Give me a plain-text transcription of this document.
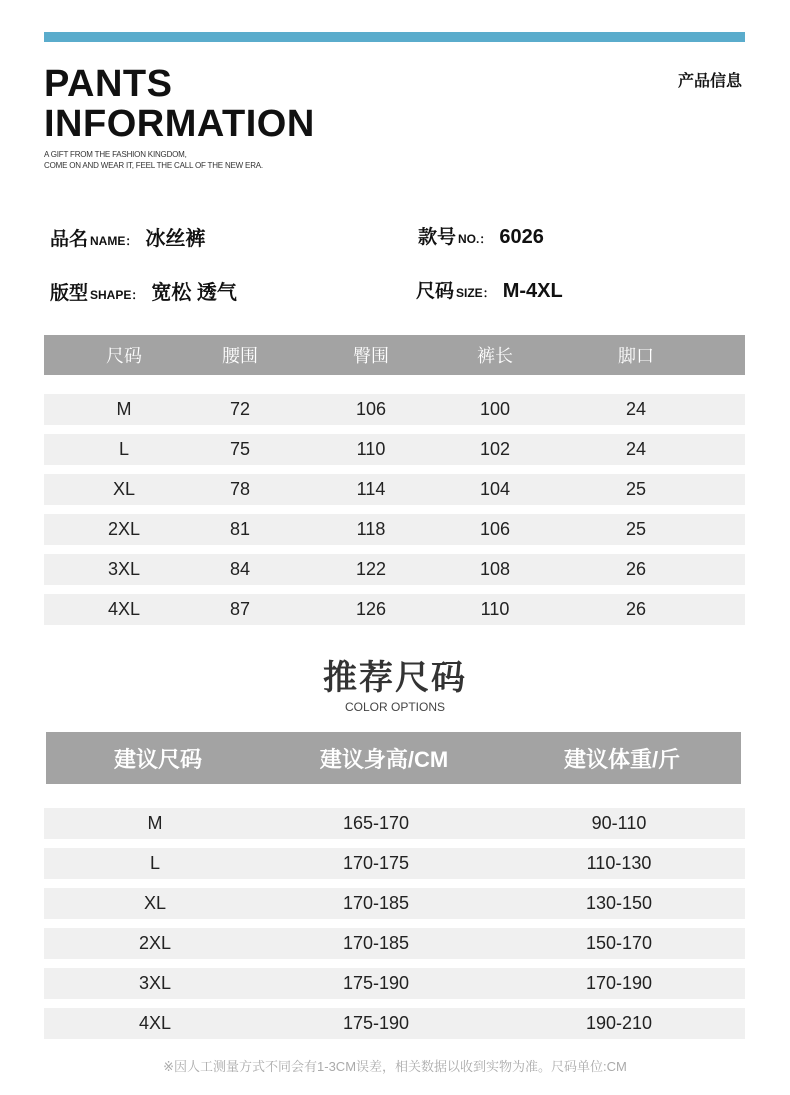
PANTS
INFORMATION
A GIFT FROM THE FASHION KINGDOM,
COME ON AND WEAR IT, FEEL THE CALL OF THE NEW ERA.
产品信息
品名 NAME： 冰丝裤	款号 NO.： 6026
版型 SHAPE： 宽松 透气	尺码 SIZE： M-4XL
尺码	腰围	臀围	裤长	脚口
M	72	106	100	24
L	75	110	102	24
XL	78	114	104	25
2XL	81	118	106	25
3XL	84	122	108	26
4XL	87	126	110	26
推荐尺码
COLOR OPTIONS
建议尺码	建议身高/CM	建议体重/斤
M	165-170	90-110
L	170-175	110-130
XL	170-185	130-150
2XL	170-185	150-170
3XL	175-190	170-190
4XL	175-190	190-210
※因人工测量方式不同会有1-3CM误差，相关数据以收到实物为准。尺码单位:CM
